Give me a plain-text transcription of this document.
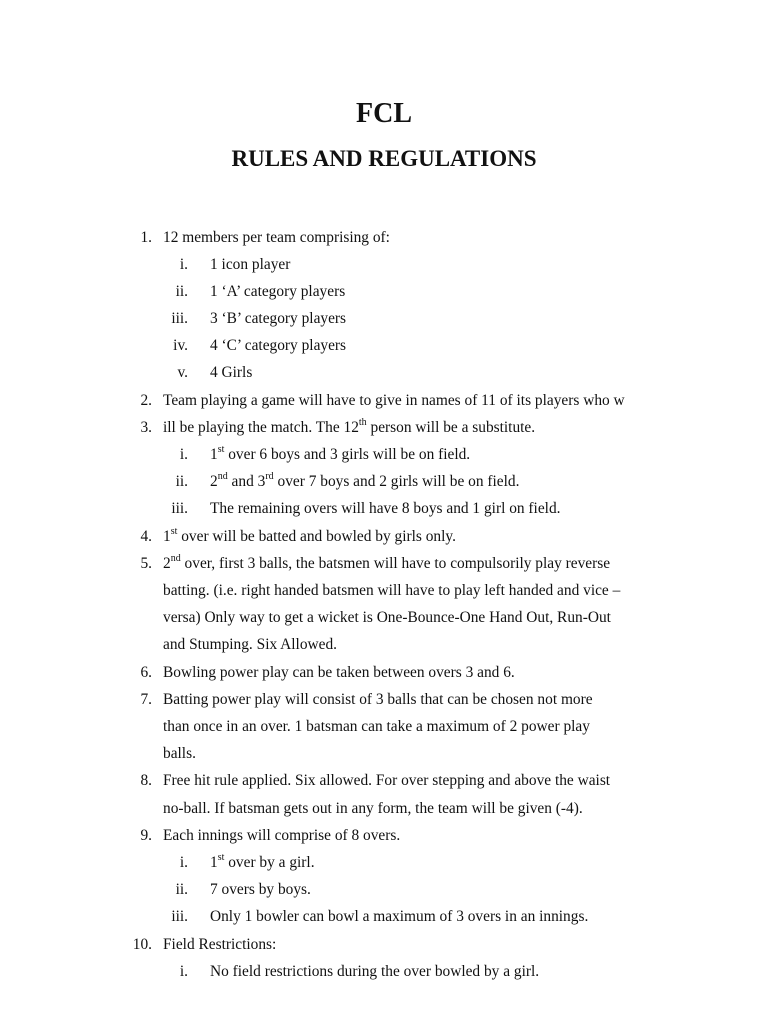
FCL
RULES AND REGULATIONS
1. 12 members per team comprising of:
i. 1 icon player
ii. 1 ‘A’ category players
iii. 3 ‘B’ category players
iv. 4 ‘C’ category players
v. 4 Girls
2. Team playing a game will have to give in names of 11 of its players who w
3. ill be playing the match. The 12th person will be a substitute.
i. 1st over 6 boys and 3 girls will be on field.
ii. 2nd and 3rd over 7 boys and 2 girls will be on field.
iii. The remaining overs will have 8 boys and 1 girl on field.
4. 1st over will be batted and bowled by girls only.
5. 2nd over, first 3 balls, the batsmen will have to compulsorily play reverse
batting. (i.e. right handed batsmen will have to play left handed and vice –
versa) Only way to get a wicket is One-Bounce-One Hand Out, Run-Out
and Stumping. Six Allowed.
6. Bowling power play can be taken between overs 3 and 6.
7. Batting power play will consist of 3 balls that can be chosen not more
than once in an over. 1 batsman can take a maximum of 2 power play
balls.
8. Free hit rule applied. Six allowed. For over stepping and above the waist
no-ball. If batsman gets out in any form, the team will be given (-4).
9. Each innings will comprise of 8 overs.
i. 1st over by a girl.
ii. 7 overs by boys.
iii. Only 1 bowler can bowl a maximum of 3 overs in an innings.
10. Field Restrictions:
i. No field restrictions during the over bowled by a girl.
